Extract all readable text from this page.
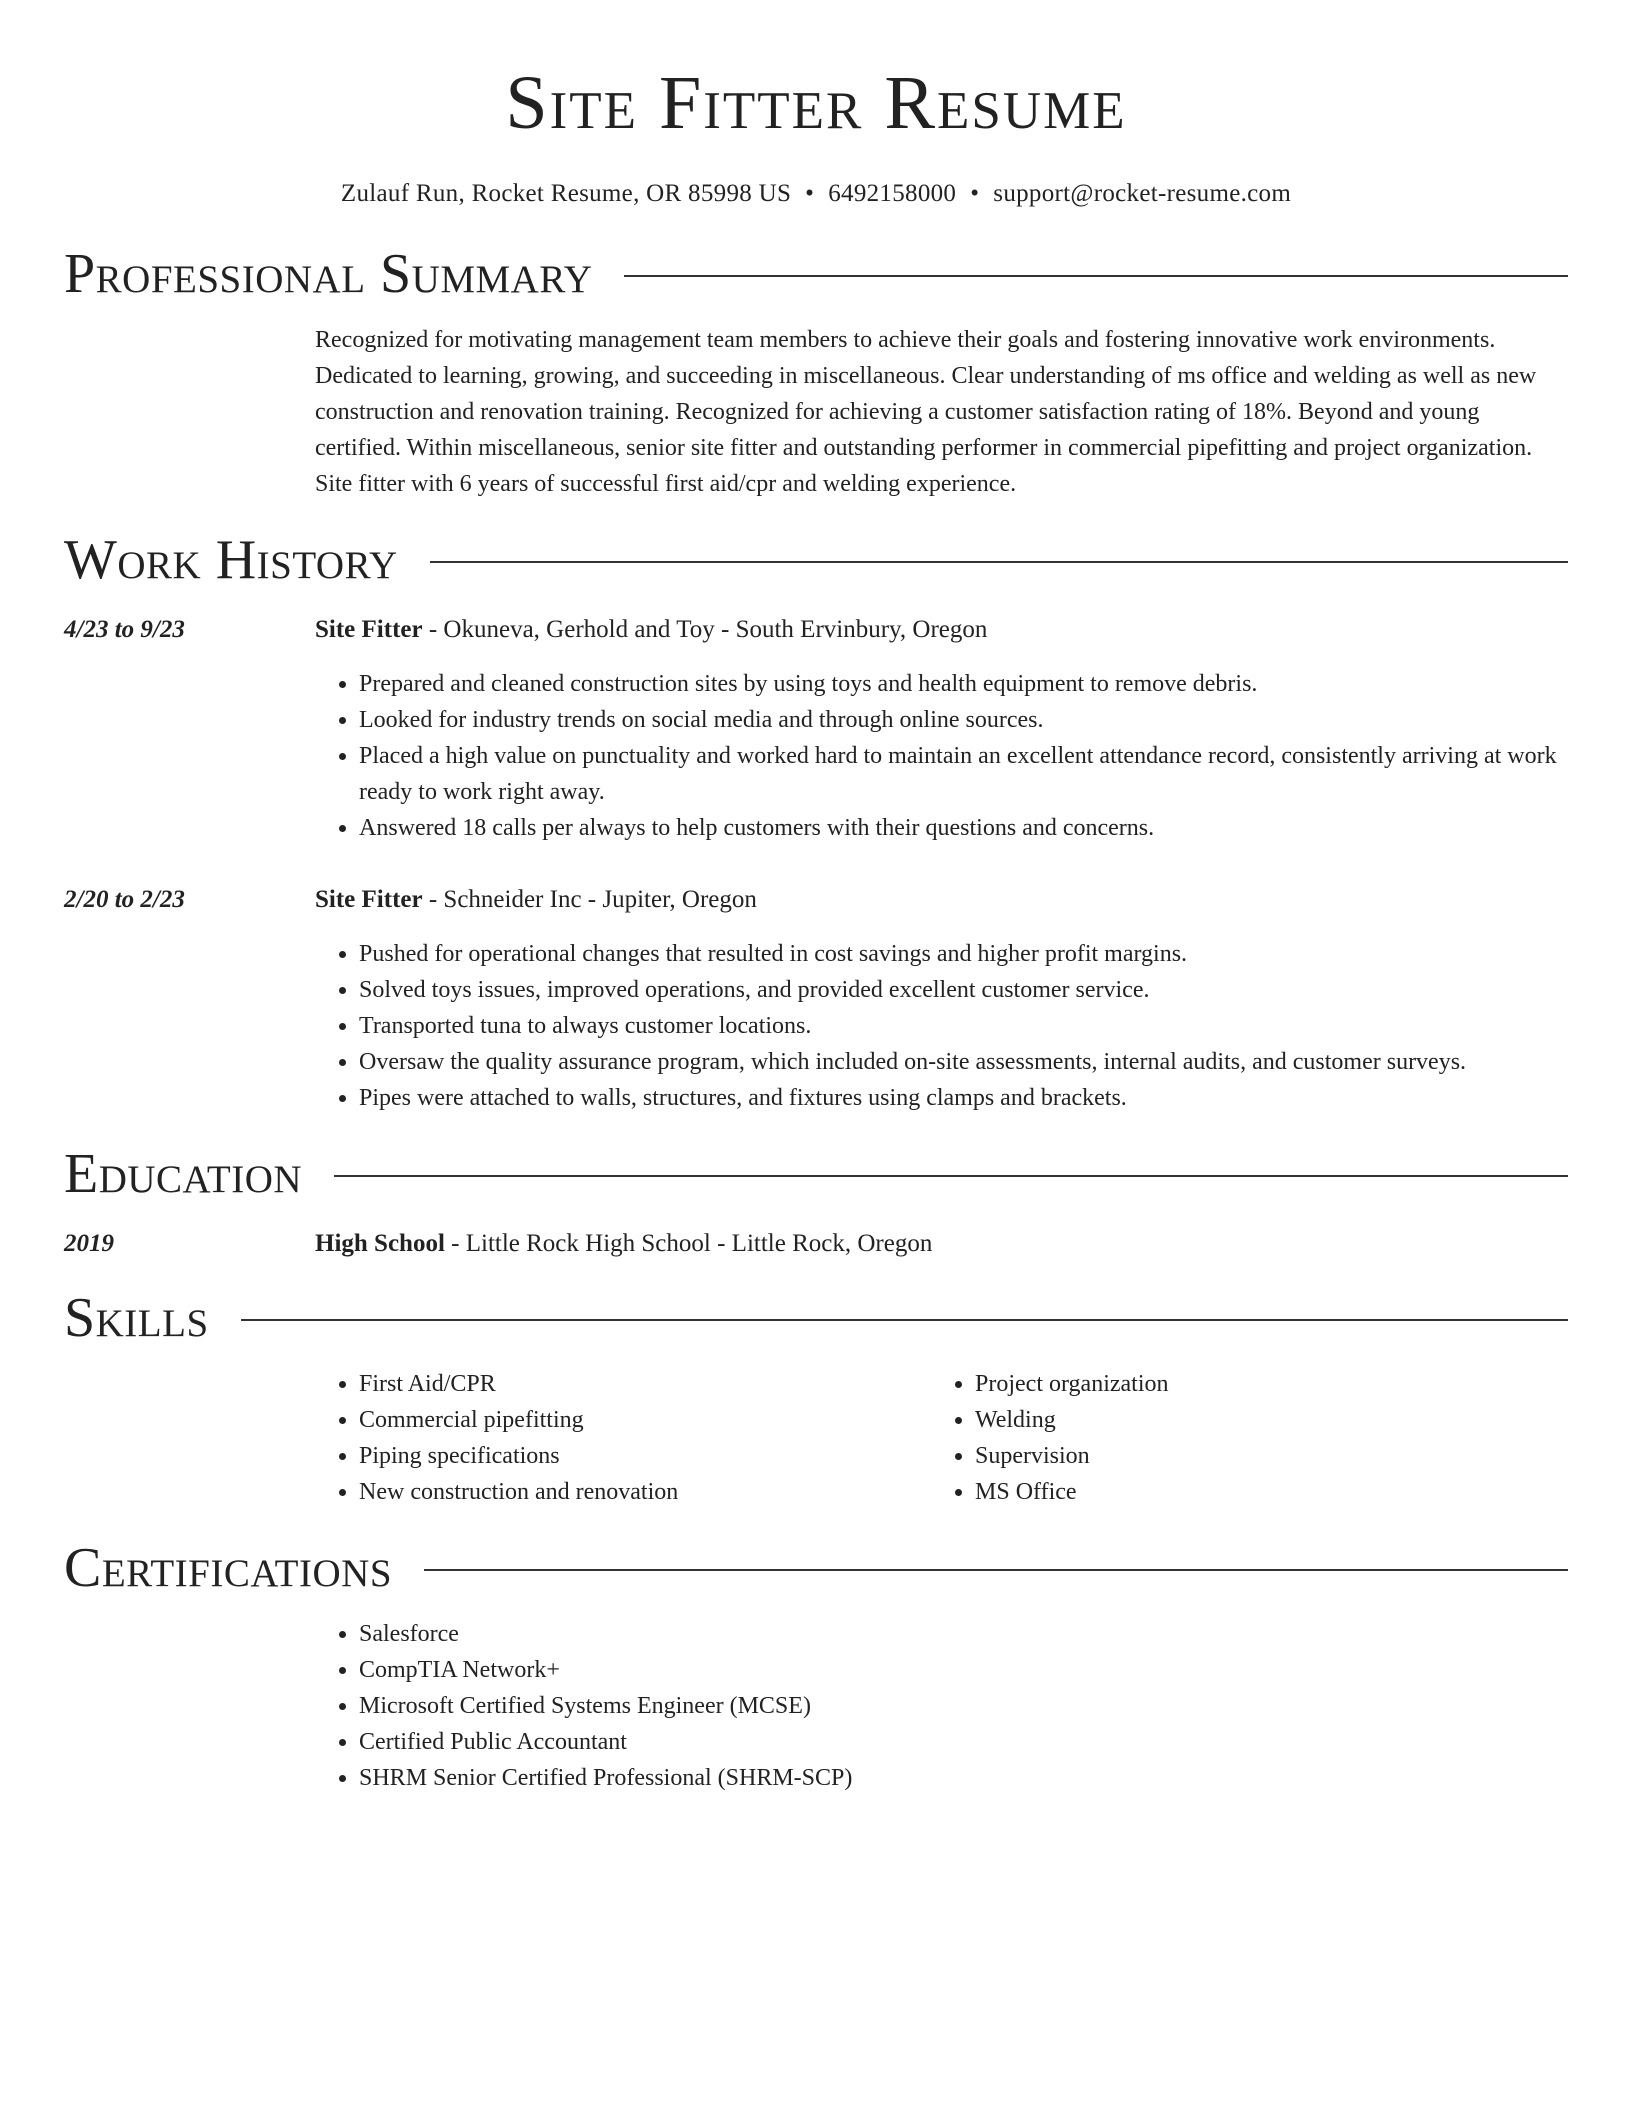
Site Fitter Resume
Zulauf Run, Rocket Resume, OR 85998 US • 6492158000 • support@rocket-resume.com
Professional Summary
Recognized for motivating management team members to achieve their goals and fostering innovative work environments. Dedicated to learning, growing, and succeeding in miscellaneous. Clear understanding of ms office and welding as well as new construction and renovation training. Recognized for achieving a customer satisfaction rating of 18%. Beyond and young certified. Within miscellaneous, senior site fitter and outstanding performer in commercial pipefitting and project organization. Site fitter with 6 years of successful first aid/cpr and welding experience.
Work History
4/23 to 9/23	Site Fitter - Okuneva, Gerhold and Toy - South Ervinbury, Oregon
• Prepared and cleaned construction sites by using toys and health equipment to remove debris.
• Looked for industry trends on social media and through online sources.
• Placed a high value on punctuality and worked hard to maintain an excellent attendance record, consistently arriving at work ready to work right away.
• Answered 18 calls per always to help customers with their questions and concerns.
2/20 to 2/23	Site Fitter - Schneider Inc - Jupiter, Oregon
• Pushed for operational changes that resulted in cost savings and higher profit margins.
• Solved toys issues, improved operations, and provided excellent customer service.
• Transported tuna to always customer locations.
• Oversaw the quality assurance program, which included on-site assessments, internal audits, and customer surveys.
• Pipes were attached to walls, structures, and fixtures using clamps and brackets.
Education
2019	High School - Little Rock High School - Little Rock, Oregon
Skills
• First Aid/CPR
• Commercial pipefitting
• Piping specifications
• New construction and renovation
• Project organization
• Welding
• Supervision
• MS Office
Certifications
• Salesforce
• CompTIA Network+
• Microsoft Certified Systems Engineer (MCSE)
• Certified Public Accountant
• SHRM Senior Certified Professional (SHRM-SCP)
